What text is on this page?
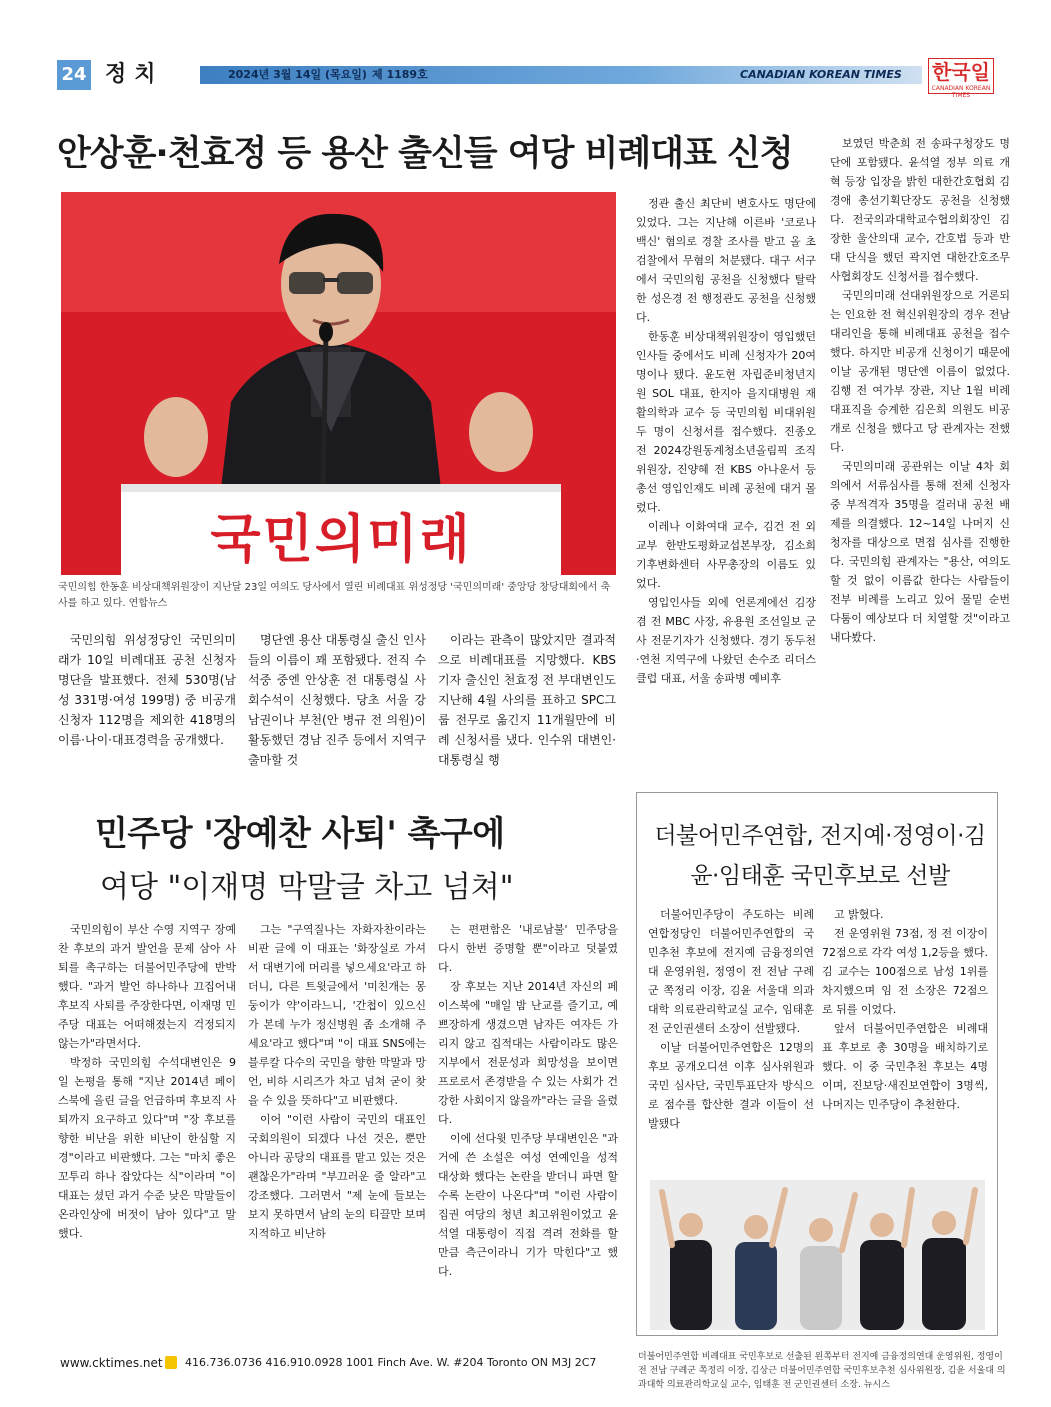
24 정치	2024년 3월 14일 (목요일) 제 1189호	CANADIAN KOREAN TIMES 한국일
CANADIAN KOREAN TIMES
안상훈·천효정 등 용산 출신들 여당 비례대표 신청
국민의미래
국민의힘 한동훈 비상대책위원장이 지난달 23일 여의도 당사에서 열린 비례대표 위성정당 '국민의미래' 중앙당 창당대회에서 축사를 하고 있다. 연합뉴스

국민의힘 위성정당인 국민의미래가 10일 비례대표 공천 신청자 명단을 발표했다. 전체 530명(남성 331명·여성 199명) 중 비공개 신청자 112명을 제외한 418명의 이름·나이·대표경력을 공개했다.

명단엔 용산 대통령실 출신 인사들의 이름이 꽤 포함됐다. 전직 수석중 중엔 안상훈 전 대통령실 사회수석이 신청했다. 당초 서울 강남권이나 부천(안 병규 전 의원)이 활동했던 경남 진주 등에서 지역구 출마할 것

이라는 관측이 많았지만 결과적으로 비례대표를 지망했다. KBS 기자 출신인 천효정 전 부대변인도 지난해 4월 사의를 표하고 SPC그룹 전무로 옮긴지 11개월만에 비례 신청서를 냈다. 인수위 대변인·대통령실 행

정관 출신 최단비 변호사도 명단에 있었다. 그는 지난해 이른바 '코로나 백신' 혐의로 경찰 조사를 받고 올 초 검찰에서 무혐의 처분됐다. 대구 서구에서 국민의힘 공천을 신청했다 탈락한 성은경 전 행정관도 공천을 신청했다.

한동훈 비상대책위원장이 영입했던 인사들 중에서도 비례 신청자가 20여명이나 됐다. 윤도현 자립준비청년지원 SOL 대표, 한지아 을지대병원 재활의학과 교수 등 국민의힘 비대위원 두 명이 신청서를 접수했다. 진종오 전 2024강원동계청소년올림픽 조직위원장, 진양혜 전 KBS 아나운서 등 총선 영입인재도 비례 공천에 대거 몰렸다.

이레나 이화여대 교수, 김건 전 외교부 한반도평화교섭본부장, 김소희 기후변화센터 사무총장의 이름도 있었다.

영입인사들 외에 언론계에선 김장겸 전 MBC 사장, 유용원 조선일보 군사 전문기자가 신청했다. 경기 동두천·연천 지역구에 나왔던 손수조 리더스클럽 대표, 서울 송파병 예비후

보였던 박춘희 전 송파구청장도 명단에 포함됐다. 윤석열 정부 의료 개혁 등장 입장을 밝힌 대한간호협회 김경애 총선기획단장도 공천을 신청했다. 전국의과대학교수협의회장인 김장한 울산의대 교수, 간호법 등과 반대 단식을 했던 곽지연 대한간호조무사협회장도 신청서를 접수했다.

국민의미래 선대위원장으로 거론되는 인요한 전 혁신위원장의 경우 전남 대리인을 통해 비례대표 공천을 접수했다. 하지만 비공개 신청이기 때문에 이날 공개된 명단엔 이름이 없었다. 김행 전 여가부 장관, 지난 1월 비례대표직을 승계한 김은희 의원도 비공개로 신청을 했다고 당 관계자는 전했다.

국민의미래 공관위는 이날 4차 회의에서 서류심사를 통해 전체 신청자 중 부적격자 35명을 걸러내 공천 배제를 의결했다. 12~14일 나머지 신청자를 대상으로 면접 심사를 진행한다. 국민의힘 관계자는 "용산, 여의도 할 것 없이 이름값 한다는 사람들이 전부 비례를 노리고 있어 물밑 순번 다툼이 예상보다 더 치열할 것"이라고 내다봤다.

민주당 '장예찬 사퇴' 촉구에
여당 "이재명 막말글 차고 넘쳐"

국민의힘이 부산 수영 지역구 장예찬 후보의 과거 발언을 문제 삼아 사퇴를 촉구하는 더불어민주당에 반박했다. "과거 발언 하나하나 끄집어내 후보직 사퇴를 주장한다면, 이재명 민주당 대표는 어떠해졌는지 걱정되지 않는가"라면서다.

박정하 국민의힘 수석대변인은 9일 논평을 통해 "지난 2014년 페이스북에 올린 글을 언급하며 후보직 사퇴까지 요구하고 있다"며 "장 후보를 향한 비난을 위한 비난이 한심할 지경"이라고 비판했다. 그는 "마치 좋은 꼬투리 하나 잡았다는 식"이라며 "이 대표는 셨던 과거 수준 낮은 막말들이 온라인상에 버젓이 남아 있다"고 말했다.

그는 "구역질나는 자화자찬이라는 비판 글에 이 대표는 '화장실로 가셔서 대변기에 머리를 넣으세요'라고 하더니, 다른 트윗글에서 '미친개는 몽둥이가 약'이라느니, '간첩이 있으신가 본데 누가 정신병원 좀 소개해 주세요'라고 했다"며 "이 대표 SNS에는 블루칼 다수의 국민을 향한 막말과 망언, 비하 시리즈가 차고 넘쳐 굳이 찾을 수 있을 뜻하다"고 비판했다.

이어 "이런 사람이 국민의 대표인 국회의원이 되겠다 나선 것은, 뿐만 아니라 공당의 대표를 맡고 있는 것은 괜찮은가"라며 "부끄러운 줄 알라"고 강조했다. 그러면서 "제 눈에 들보는 보지 못하면서 남의 눈의 티끌만 보며 지적하고 비난하

는 편편함은 '내로남불' 민주당을 다시 한번 증명할 뿐"이라고 덧붙였다.

장 후보는 지난 2014년 자신의 페이스북에 "매일 밤 난교를 즐기고, 예쁘장하게 생겼으면 남자든 여자든 가리지 않고 집적대는 사람이라도 많은 지부에서 전문성과 희망성을 보이면 프로로서 존경받을 수 있는 사회가 건강한 사회이지 않을까"라는 글을 올렸다.

이에 선다윗 민주당 부대변인은 "과거에 쓴 소설은 여성 연예인을 성적 대상화 했다는 논란을 받더니 파면 할수록 논란이 나온다"며 "이런 사람이 집권 여당의 청년 최고위원이었고 윤석열 대통령이 직접 격려 전화를 할 만큼 측근이라니 기가 막힌다"고 했다.

더불어민주연합, 전지예·정영이·김윤·임태훈 국민후보로 선발

더불어민주당이 주도하는 비례연합정당인 더불어민주연합의 국민추천 후보에 전지예 금융정의연대 운영위원, 정영이 전 전남 구례군 쪽정리 이장, 김윤 서울대 의과대학 의료관리학교실 교수, 임태훈 전 군인권센터 소장이 선발됐다.

이날 더불어민주연합은 12명의 후보 공개오디션 이후 심사위원과 국민 심사단, 국민투표단자 방식으로 점수를 합산한 결과 이들이 선발됐다

고 밝혔다.

전 운영위원 73점, 정 전 이장이 72점으로 각각 여성 1,2등을 했다. 김 교수는 100점으로 남성 1위를 차지했으며 임 전 소장은 72점으로 뒤를 이었다.

앞서 더불어민주연합은 비례대표 후보로 총 30명을 배치하기로 했다. 이 중 국민추천 후보는 4명이며, 진보당·새진보연합이 3명씩, 나머지는 민주당이 추천한다.

더불어민주연합 비례대표 국민후보로 선출된 왼쪽부터 전지예 금융정의연대 운영위원, 정영이 전 전남 구례군 쪽정리 이장, 김상근 더불어민주연합 국민후보추천 심사위원장, 김윤 서울대 의과대학 의료관리학교실 교수, 임태훈 전 군인권센터 소장. 뉴시스
www.cktimes.net 416.736.0736 416.910.0928 1001 Finch Ave. W. #204 Toronto ON M3J 2C7
